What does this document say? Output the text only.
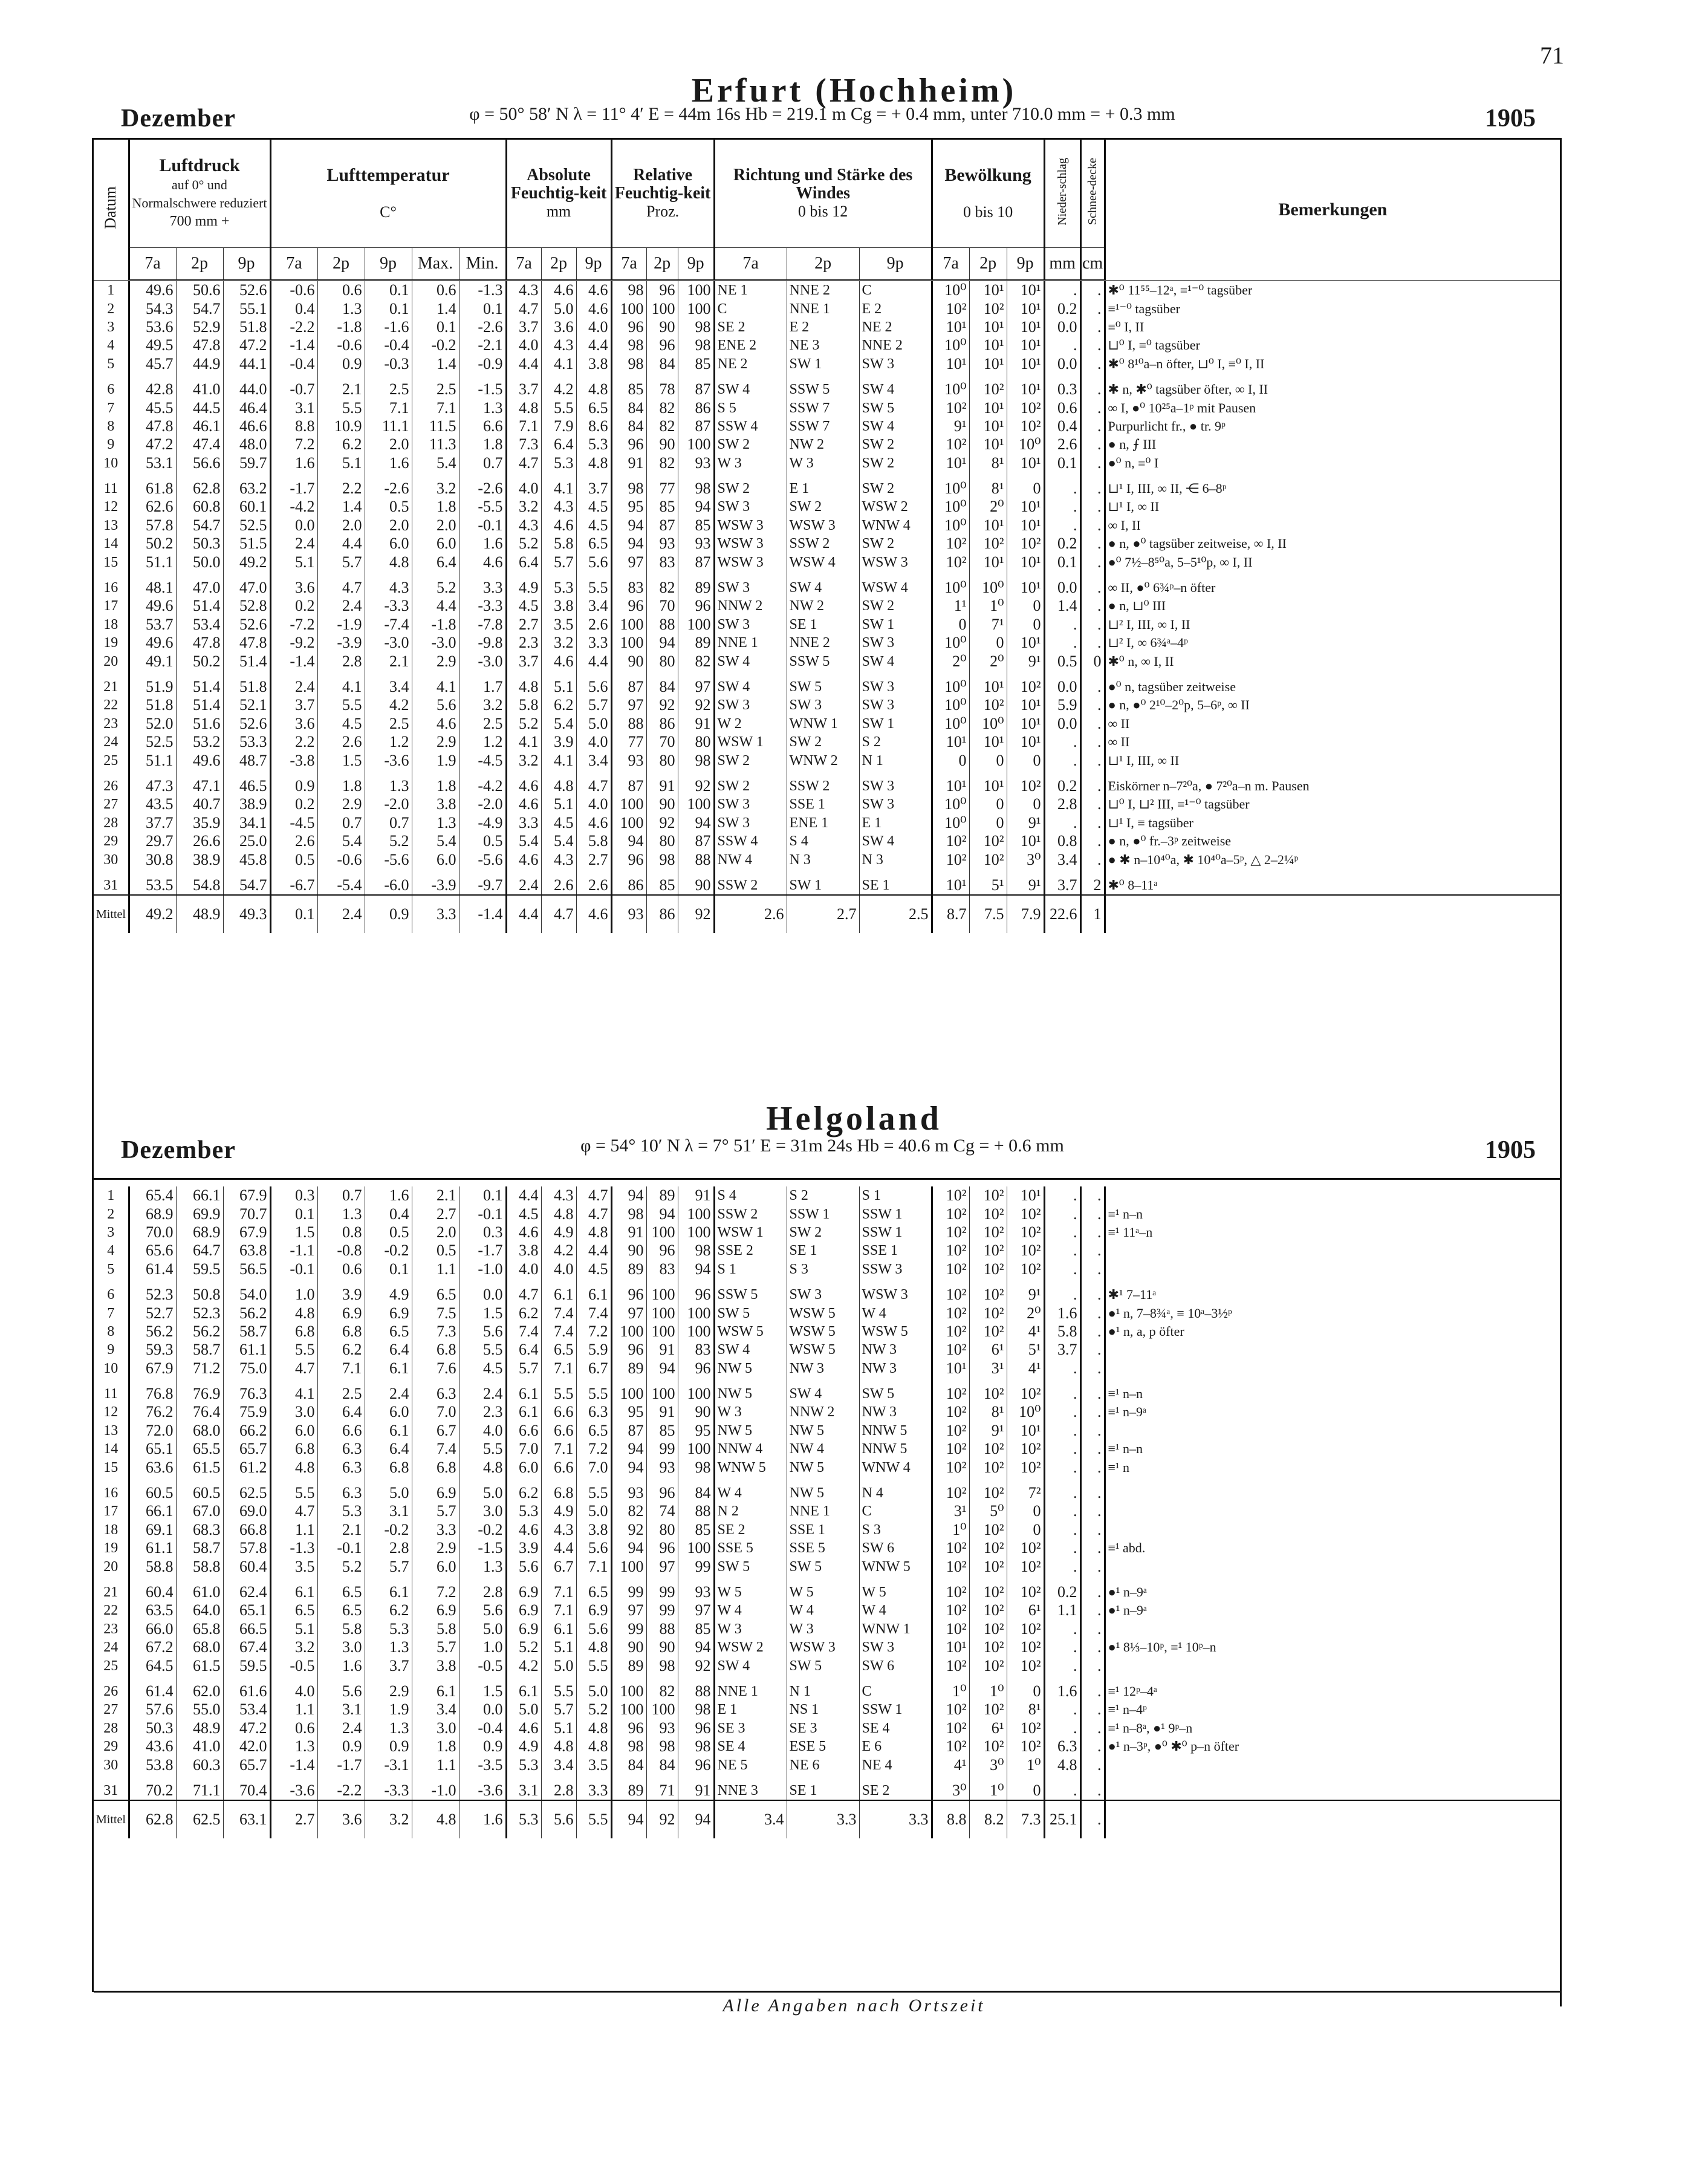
71
Erfurt (Hochheim)
Dezember	φ = 50° 58′ N λ = 11° 4′ E = 44m 16s Hb = 219.1 m Cg = + 0.4 mm, unter 710.0 mm = + 0.3 mm	1905
Datum	Luftdruck
auf 0° und Normalschwere reduziert
700 mm +			Lufttemperatur

C°					Absolute Feuchtig-keit
mm			Relative Feuchtig-keit
Proz.			Richtung und Stärke des Windes
0 bis 12			Bewölkung

0 bis 10			Nieder-schlag	Schnee-decke	Bemerkungen
	7a	2p	9p	7a	2p	9p	Max.	Min.	7a	2p	9p	7a	2p	9p	7a	2p	9p	7a	2p	9p	mm	cm	
1	49.6	50.6	52.6	-0.6	0.6	0.1	0.6	-1.3	4.3	4.6	4.6	98	96	100	NE 1	NNE 2	C	10⁰	10¹	10¹	.	.	✱⁰ 11⁵⁵–12ᵃ, ≡¹⁻⁰ tagsüber
2	54.3	54.7	55.1	0.4	1.3	0.1	1.4	0.1	4.7	5.0	4.6	100	100	100	C	NNE 1	E 2	10²	10²	10¹	0.2	.	≡¹⁻⁰ tagsüber
3	53.6	52.9	51.8	-2.2	-1.8	-1.6	0.1	-2.6	3.7	3.6	4.0	96	90	98	SE 2	E 2	NE 2	10¹	10¹	10¹	0.0	.	≡⁰ I, II
4	49.5	47.8	47.2	-1.4	-0.6	-0.4	-0.2	-2.1	4.0	4.3	4.4	98	96	98	ENE 2	NE 3	NNE 2	10⁰	10¹	10¹	.	.	⊔⁰ I, ≡⁰ tagsüber
5	45.7	44.9	44.1	-0.4	0.9	-0.3	1.4	-0.9	4.4	4.1	3.8	98	84	85	NE 2	SW 1	SW 3	10¹	10¹	10¹	0.0	.	✱⁰ 8¹⁰a–n öfter, ⊔⁰ I, ≡⁰ I, II

6	42.8	41.0	44.0	-0.7	2.1	2.5	2.5	-1.5	3.7	4.2	4.8	85	78	87	SW 4	SSW 5	SW 4	10⁰	10²	10¹	0.3	.	✱ n, ✱⁰ tagsüber öfter, ∞ I, II
7	45.5	44.5	46.4	3.1	5.5	7.1	7.1	1.3	4.8	5.5	6.5	84	82	86	S 5	SSW 7	SW 5	10²	10¹	10²	0.6	.	∞ I, ●⁰ 10²⁵a–1ᵖ mit Pausen
8	47.8	46.1	46.6	8.8	10.9	11.1	11.5	6.6	7.1	7.9	8.6	84	82	87	SSW 4	SSW 7	SW 4	9¹	10¹	10²	0.4	.	Purpurlicht fr., ● tr. 9ᵖ
9	47.2	47.4	48.0	7.2	6.2	2.0	11.3	1.8	7.3	6.4	5.3	96	90	100	SW 2	NW 2	SW 2	10²	10¹	10⁰	2.6	.	● n, ⨍ III
10	53.1	56.6	59.7	1.6	5.1	1.6	5.4	0.7	4.7	5.3	4.8	91	82	93	W 3	W 3	SW 2	10¹	8¹	10¹	0.1	.	●⁰ n, ≡⁰ I

11	61.8	62.8	63.2	-1.7	2.2	-2.6	3.2	-2.6	4.0	4.1	3.7	98	77	98	SW 2	E 1	SW 2	10⁰	8¹	0	.	.	⊔¹ I, III, ∞ II, ⋲ 6–8ᵖ
12	62.6	60.8	60.1	-4.2	1.4	0.5	1.8	-5.5	3.2	4.3	4.5	95	85	94	SW 3	SW 2	WSW 2	10⁰	2⁰	10¹	.	.	⊔¹ I, ∞ II
13	57.8	54.7	52.5	0.0	2.0	2.0	2.0	-0.1	4.3	4.6	4.5	94	87	85	WSW 3	WSW 3	WNW 4	10⁰	10¹	10¹	.	.	∞ I, II
14	50.2	50.3	51.5	2.4	4.4	6.0	6.0	1.6	5.2	5.8	6.5	94	93	93	WSW 3	SSW 2	SW 2	10²	10²	10²	0.2	.	● n, ●⁰ tagsüber zeitweise, ∞ I, II
15	51.1	50.0	49.2	5.1	5.7	4.8	6.4	4.6	6.4	5.7	5.6	97	83	87	WSW 3	WSW 4	WSW 3	10²	10¹	10¹	0.1	.	●⁰ 7½–8⁵⁰a, 5–5¹⁰p, ∞ I, II

16	48.1	47.0	47.0	3.6	4.7	4.3	5.2	3.3	4.9	5.3	5.5	83	82	89	SW 3	SW 4	WSW 4	10⁰	10⁰	10¹	0.0	.	∞ II, ●⁰ 6¾ᵖ–n öfter
17	49.6	51.4	52.8	0.2	2.4	-3.3	4.4	-3.3	4.5	3.8	3.4	96	70	96	NNW 2	NW 2	SW 2	1¹	1⁰	0	1.4	.	● n, ⊔⁰ III
18	53.7	53.4	52.6	-7.2	-1.9	-7.4	-1.8	-7.8	2.7	3.5	2.6	100	88	100	SW 3	SE 1	SW 1	0	7¹	0	.	.	⊔² I, III, ∞ I, II
19	49.6	47.8	47.8	-9.2	-3.9	-3.0	-3.0	-9.8	2.3	3.2	3.3	100	94	89	NNE 1	NNE 2	SW 3	10⁰	0	10¹	.	.	⊔² I, ∞ 6¾ᵃ–4ᵖ
20	49.1	50.2	51.4	-1.4	2.8	2.1	2.9	-3.0	3.7	4.6	4.4	90	80	82	SW 4	SSW 5	SW 4	2⁰	2⁰	9¹	0.5	0	✱⁰ n, ∞ I, II

21	51.9	51.4	51.8	2.4	4.1	3.4	4.1	1.7	4.8	5.1	5.6	87	84	97	SW 4	SW 5	SW 3	10⁰	10¹	10²	0.0	.	●⁰ n, tagsüber zeitweise
22	51.8	51.4	52.1	3.7	5.5	4.2	5.6	3.2	5.8	6.2	5.7	97	92	92	SW 3	SW 3	SW 3	10⁰	10²	10¹	5.9	.	● n, ●⁰ 2¹⁰–2⁰p, 5–6ᵖ, ∞ II
23	52.0	51.6	52.6	3.6	4.5	2.5	4.6	2.5	5.2	5.4	5.0	88	86	91	W 2	WNW 1	SW 1	10⁰	10⁰	10¹	0.0	.	∞ II
24	52.5	53.2	53.3	2.2	2.6	1.2	2.9	1.2	4.1	3.9	4.0	77	70	80	WSW 1	SW 2	S 2	10¹	10¹	10¹	.	.	∞ II
25	51.1	49.6	48.7	-3.8	1.5	-3.6	1.9	-4.5	3.2	4.1	3.4	93	80	98	SW 2	WNW 2	N 1	0	0	0	.	.	⊔¹ I, III, ∞ II

26	47.3	47.1	46.5	0.9	1.8	1.3	1.8	-4.2	4.6	4.8	4.7	87	91	92	SW 2	SSW 2	SW 3	10¹	10¹	10²	0.2	.	Eiskörner n–7²⁰a, ● 7²⁰a–n m. Pausen
27	43.5	40.7	38.9	0.2	2.9	-2.0	3.8	-2.0	4.6	5.1	4.0	100	90	100	SW 3	SSE 1	SW 3	10⁰	0	0	2.8	.	⊔⁰ I, ⊔² III, ≡¹⁻⁰ tagsüber
28	37.7	35.9	34.1	-4.5	0.7	0.7	1.3	-4.9	3.3	4.5	4.6	100	92	94	SW 3	ENE 1	E 1	10⁰	0	9¹	.	.	⊔¹ I, ≡ tagsüber
29	29.7	26.6	25.0	2.6	5.4	5.2	5.4	0.5	5.4	5.4	5.8	94	80	87	SSW 4	S 4	SW 4	10²	10²	10¹	0.8	.	● n, ●⁰ fr.–3ᵖ zeitweise
30	30.8	38.9	45.8	0.5	-0.6	-5.6	6.0	-5.6	4.6	4.3	2.7	96	98	88	NW 4	N 3	N 3	10²	10²	3⁰	3.4	.	● ✱ n–10⁴⁰a, ✱ 10⁴⁰a–5ᵖ, △ 2–2¼ᵖ

31	53.5	54.8	54.7	-6.7	-5.4	-6.0	-3.9	-9.7	2.4	2.6	2.6	86	85	90	SSW 2	SW 1	SE 1	10¹	5¹	9¹	3.7	2	✱⁰ 8–11ᵃ
Mittel	49.2	48.9	49.3	0.1	2.4	0.9	3.3	-1.4	4.4	4.7	4.6	93	86	92	2.6	2.7	2.5	8.7	7.5	7.9	22.6	1	
Helgoland
Dezember	φ = 54° 10′ N λ = 7° 51′ E = 31m 24s Hb = 40.6 m Cg = + 0.6 mm	1905
1	65.4	66.1	67.9	0.3	0.7	1.6	2.1	0.1	4.4	4.3	4.7	94	89	91	S 4	S 2	S 1	10²	10²	10¹	.	.	
2	68.9	69.9	70.7	0.1	1.3	0.4	2.7	-0.1	4.5	4.8	4.7	98	94	100	SSW 2	SSW 1	SSW 1	10²	10²	10²	.	.	≡¹ n–n
3	70.0	68.9	67.9	1.5	0.8	0.5	2.0	0.3	4.6	4.9	4.8	91	100	100	WSW 1	SW 2	SSW 1	10²	10²	10²	.	.	≡¹ 11ᵃ–n
4	65.6	64.7	63.8	-1.1	-0.8	-0.2	0.5	-1.7	3.8	4.2	4.4	90	96	98	SSE 2	SE 1	SSE 1	10²	10²	10²	.	.	
5	61.4	59.5	56.5	-0.1	0.6	0.1	1.1	-1.0	4.0	4.0	4.5	89	83	94	S 1	S 3	SSW 3	10²	10²	10²	.	.	

6	52.3	50.8	54.0	1.0	3.9	4.9	6.5	0.0	4.7	6.1	6.1	96	100	96	SSW 5	SW 3	WSW 3	10²	10²	9¹	.	.	✱¹ 7–11ᵃ
7	52.7	52.3	56.2	4.8	6.9	6.9	7.5	1.5	6.2	7.4	7.4	97	100	100	SW 5	WSW 5	W 4	10²	10²	2⁰	1.6	.	●¹ n, 7–8¾ᵃ, ≡ 10ᵃ–3½ᵖ
8	56.2	56.2	58.7	6.8	6.8	6.5	7.3	5.6	7.4	7.4	7.2	100	100	100	WSW 5	WSW 5	WSW 5	10²	10²	4¹	5.8	.	●¹ n, a, p öfter
9	59.3	58.7	61.1	5.5	6.2	6.4	6.8	5.5	6.4	6.5	5.9	96	91	83	SW 4	WSW 5	NW 3	10²	6¹	5¹	3.7	.	
10	67.9	71.2	75.0	4.7	7.1	6.1	7.6	4.5	5.7	7.1	6.7	89	94	96	NW 5	NW 3	NW 3	10¹	3¹	4¹	.	.	

11	76.8	76.9	76.3	4.1	2.5	2.4	6.3	2.4	6.1	5.5	5.5	100	100	100	NW 5	SW 4	SW 5	10²	10²	10²	.	.	≡¹ n–n
12	76.2	76.4	75.9	3.0	6.4	6.0	7.0	2.3	6.1	6.6	6.3	95	91	90	W 3	NNW 2	NW 3	10²	8¹	10⁰	.	.	≡¹ n–9ᵃ
13	72.0	68.0	66.2	6.0	6.6	6.1	6.7	4.0	6.6	6.6	6.5	87	85	95	NW 5	NW 5	NNW 5	10²	9¹	10¹	.	.	
14	65.1	65.5	65.7	6.8	6.3	6.4	7.4	5.5	7.0	7.1	7.2	94	99	100	NNW 4	NW 4	NNW 5	10²	10²	10²	.	.	≡¹ n–n
15	63.6	61.5	61.2	4.8	6.3	6.8	6.8	4.8	6.0	6.6	7.0	94	93	98	WNW 5	NW 5	WNW 4	10²	10²	10²	.	.	≡¹ n

16	60.5	60.5	62.5	5.5	6.3	5.0	6.9	5.0	6.2	6.8	5.5	93	96	84	W 4	NW 5	N 4	10²	10²	7²	.	.	
17	66.1	67.0	69.0	4.7	5.3	3.1	5.7	3.0	5.3	4.9	5.0	82	74	88	N 2	NNE 1	C	3¹	5⁰	0	.	.	
18	69.1	68.3	66.8	1.1	2.1	-0.2	3.3	-0.2	4.6	4.3	3.8	92	80	85	SE 2	SSE 1	S 3	1⁰	10²	0	.	.	
19	61.1	58.7	57.8	-1.3	-0.1	2.8	2.9	-1.5	3.9	4.4	5.6	94	96	100	SSE 5	SSE 5	SW 6	10²	10²	10²	.	.	≡¹ abd.
20	58.8	58.8	60.4	3.5	5.2	5.7	6.0	1.3	5.6	6.7	7.1	100	97	99	SW 5	SW 5	WNW 5	10²	10²	10²	.	.	

21	60.4	61.0	62.4	6.1	6.5	6.1	7.2	2.8	6.9	7.1	6.5	99	99	93	W 5	W 5	W 5	10²	10²	10²	0.2	.	●¹ n–9ᵃ
22	63.5	64.0	65.1	6.5	6.5	6.2	6.9	5.6	6.9	7.1	6.9	97	99	97	W 4	W 4	W 4	10²	10²	6¹	1.1	.	●¹ n–9ᵃ
23	66.0	65.8	66.5	5.1	5.8	5.3	5.8	5.0	6.9	6.1	5.6	99	88	85	W 3	W 3	WNW 1	10²	10²	10²	.	.	
24	67.2	68.0	67.4	3.2	3.0	1.3	5.7	1.0	5.2	5.1	4.8	90	90	94	WSW 2	WSW 3	SW 3	10¹	10²	10²	.	.	●¹ 8⅓–10ᵖ, ≡¹ 10ᵖ–n
25	64.5	61.5	59.5	-0.5	1.6	3.7	3.8	-0.5	4.2	5.0	5.5	89	98	92	SW 4	SW 5	SW 6	10²	10²	10²	.	.	

26	61.4	62.0	61.6	4.0	5.6	2.9	6.1	1.5	6.1	5.5	5.0	100	82	88	NNE 1	N 1	C	1⁰	1⁰	0	1.6	.	≡¹ 12ᵖ–4ᵃ
27	57.6	55.0	53.4	1.1	3.1	1.9	3.4	0.0	5.0	5.7	5.2	100	100	98	E 1	NS 1	SSW 1	10²	10²	8¹	.	.	≡¹ n–4ᵖ
28	50.3	48.9	47.2	0.6	2.4	1.3	3.0	-0.4	4.6	5.1	4.8	96	93	96	SE 3	SE 3	SE 4	10²	6¹	10²	.	.	≡¹ n–8ᵃ, ●¹ 9ᵖ–n
29	43.6	41.0	42.0	1.3	0.9	0.9	1.8	0.9	4.9	4.8	4.8	98	98	98	SE 4	ESE 5	E 6	10²	10²	10²	6.3	.	●¹ n–3ᵖ, ●⁰ ✱⁰ p–n öfter
30	53.8	60.3	65.7	-1.4	-1.7	-3.1	1.1	-3.5	5.3	3.4	3.5	84	84	96	NE 5	NE 6	NE 4	4¹	3⁰	1⁰	4.8	.	

31	70.2	71.1	70.4	-3.6	-2.2	-3.3	-1.0	-3.6	3.1	2.8	3.3	89	71	91	NNE 3	SE 1	SE 2	3⁰	1⁰	0	.	.	
Mittel	62.8	62.5	63.1	2.7	3.6	3.2	4.8	1.6	5.3	5.6	5.5	94	92	94	3.4	3.3	3.3	8.8	8.2	7.3	25.1	.	
Alle Angaben nach Ortszeit
